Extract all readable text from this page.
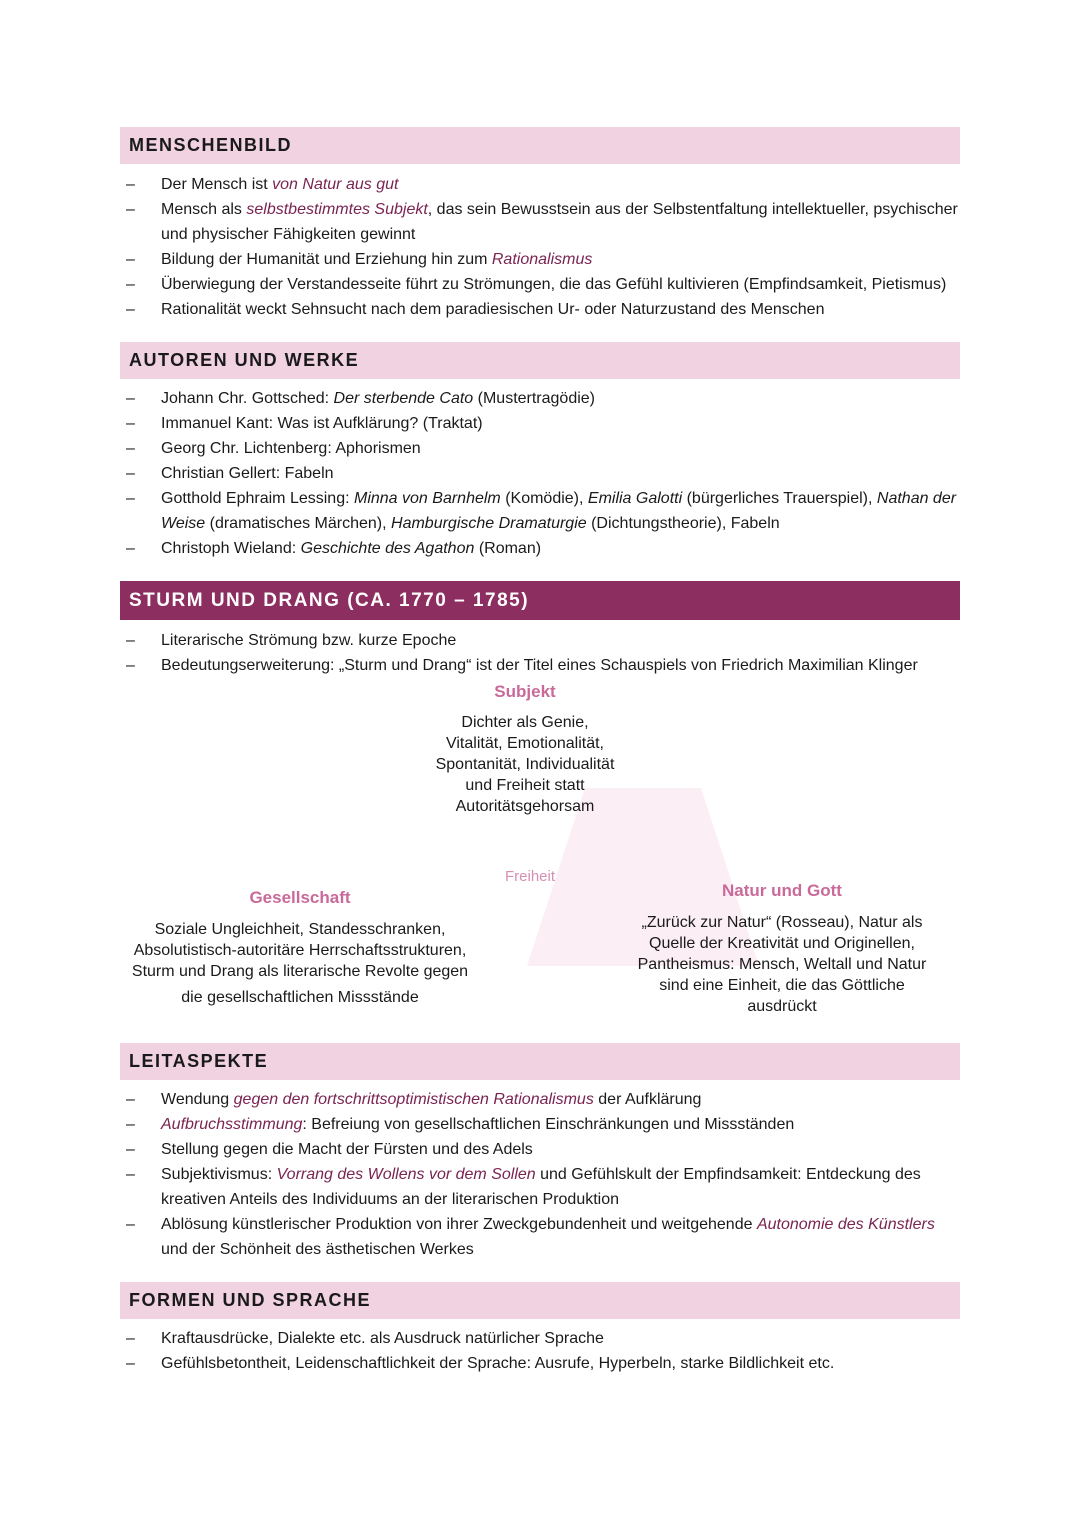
MENSCHENBILD
– Der Mensch ist von Natur aus gut
– Mensch als selbstbestimmtes Subjekt, das sein Bewusstsein aus der Selbstentfaltung intellektueller, psychischer und physischer Fähigkeiten gewinnt
– Bildung der Humanität und Erziehung hin zum Rationalismus
– Überwiegung der Verstandesseite führt zu Strömungen, die das Gefühl kultivieren (Empfindsamkeit, Pietismus)
– Rationalität weckt Sehnsucht nach dem paradiesischen Ur- oder Naturzustand des Menschen
AUTOREN UND WERKE
– Johann Chr. Gottsched: Der sterbende Cato (Mustertragödie)
– Immanuel Kant: Was ist Aufklärung? (Traktat)
– Georg Chr. Lichtenberg: Aphorismen
– Christian Gellert: Fabeln
– Gotthold Ephraim Lessing: Minna von Barnhelm (Komödie), Emilia Galotti (bürgerliches Trauerspiel), Nathan der Weise (dramatisches Märchen), Hamburgische Dramaturgie (Dichtungstheorie), Fabeln
– Christoph Wieland: Geschichte des Agathon (Roman)
STURM UND DRANG (CA. 1770 – 1785)
– Literarische Strömung bzw. kurze Epoche
– Bedeutungserweiterung: „Sturm und Drang“ ist der Titel eines Schauspiels von Friedrich Maximilian Klinger
Freiheit
Subjekt
Dichter als Genie,
Vitalität, Emotionalität,
Spontanität, Individualität
und Freiheit statt
Autoritätsgehorsam
Gesellschaft
Soziale Ungleichheit, Standesschranken,
Absolutistisch-autoritäre Herrschaftsstrukturen,
Sturm und Drang als literarische Revolte gegen
die gesellschaftlichen Missstände
Natur und Gott
„Zurück zur Natur“ (Rosseau), Natur als
Quelle der Kreativität und Originellen,
Pantheismus: Mensch, Weltall und Natur
sind eine Einheit, die das Göttliche
ausdrückt
LEITASPEKTE
– Wendung gegen den fortschrittsoptimistischen Rationalismus der Aufklärung
– Aufbruchsstimmung: Befreiung von gesellschaftlichen Einschränkungen und Missständen
– Stellung gegen die Macht der Fürsten und des Adels
– Subjektivismus: Vorrang des Wollens vor dem Sollen und Gefühlskult der Empfindsamkeit: Entdeckung des kreativen Anteils des Individuums an der literarischen Produktion
– Ablösung künstlerischer Produktion von ihrer Zweckgebundenheit und weitgehende Autonomie des Künstlers und der Schönheit des ästhetischen Werkes
FORMEN UND SPRACHE
– Kraftausdrücke, Dialekte etc. als Ausdruck natürlicher Sprache
– Gefühlsbetontheit, Leidenschaftlichkeit der Sprache: Ausrufe, Hyperbeln, starke Bildlichkeit etc.
